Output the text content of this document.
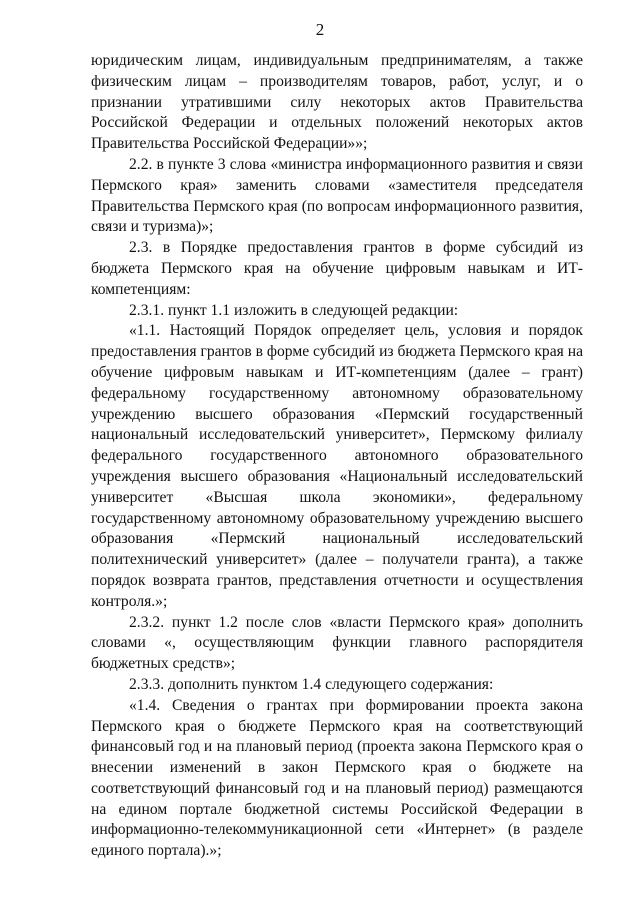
2

юридическим лицам, индивидуальным предпринимателям, а также физическим лицам – производителям товаров, работ, услуг, и о признании утратившими силу некоторых актов Правительства Российской Федерации и отдельных положений некоторых актов Правительства Российской Федерации»»;

2.2. в пункте 3 слова «министра информационного развития и связи Пермского края» заменить словами «заместителя председателя Правительства Пермского края (по вопросам информационного развития, связи и туризма)»;

2.3. в Порядке предоставления грантов в форме субсидий из бюджета Пермского края на обучение цифровым навыкам и ИТ-компетенциям:

2.3.1. пункт 1.1 изложить в следующей редакции:

«1.1. Настоящий Порядок определяет цель, условия и порядок предоставления грантов в форме субсидий из бюджета Пермского края на обучение цифровым навыкам и ИТ-компетенциям (далее – грант) федеральному государственному автономному образовательному учреждению высшего образования «Пермский государственный национальный исследовательский университет», Пермскому филиалу федерального государственного автономного образовательного учреждения высшего образования «Национальный исследовательский университет «Высшая школа экономики», федеральному государственному автономному образовательному учреждению высшего образования «Пермский национальный исследовательский политехнический университет» (далее – получатели гранта), а также порядок возврата грантов, представления отчетности и осуществления контроля.»;

2.3.2. пункт 1.2 после слов «власти Пермского края» дополнить словами «, осуществляющим функции главного распорядителя бюджетных средств»;

2.3.3. дополнить пунктом 1.4 следующего содержания:

«1.4. Сведения о грантах при формировании проекта закона Пермского края о бюджете Пермского края на соответствующий финансовый год и на плановый период (проекта закона Пермского края о внесении изменений в закон Пермского края о бюджете на соответствующий финансовый год и на плановый период) размещаются на едином портале бюджетной системы Российской Федерации в информационно-телекоммуникационной сети «Интернет» (в разделе единого портала).»;
